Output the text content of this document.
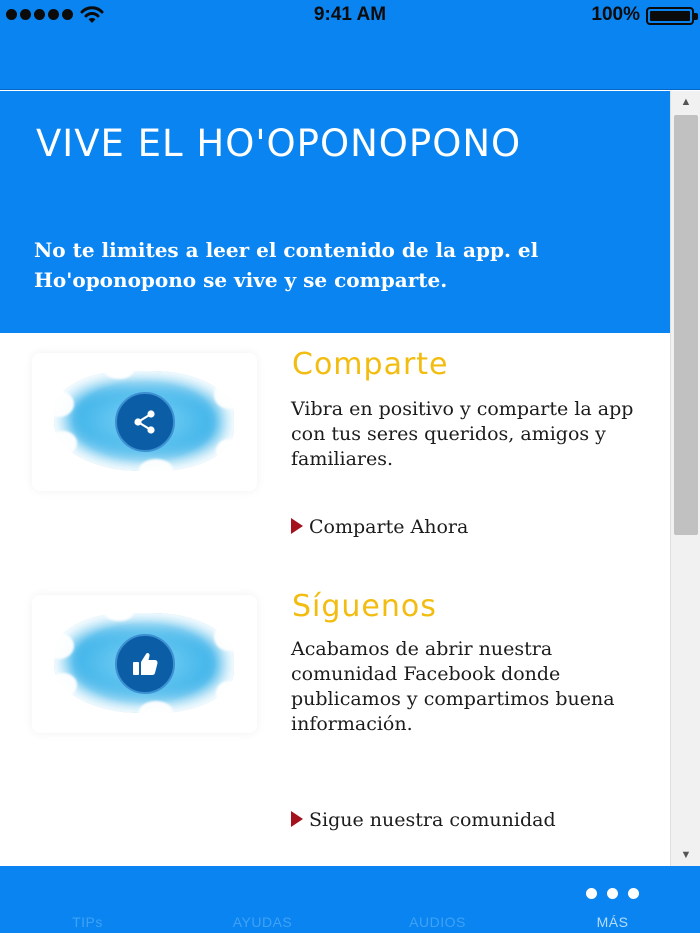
9:41 AM	100%
VIVE EL HO'OPONOPONO
No te limites a leer el contenido de la app. el Ho'oponopono se vive y se comparte.
Comparte
Vibra en positivo y comparte la app con tus seres queridos, amigos y familiares.
Comparte Ahora
Síguenos
Acabamos de abrir nuestra comunidad Facebook donde publicamos y compartimos buena información.
Sigue nuestra comunidad
▲
▼
TIPs	AYUDAS	AUDIOS	MÁS
